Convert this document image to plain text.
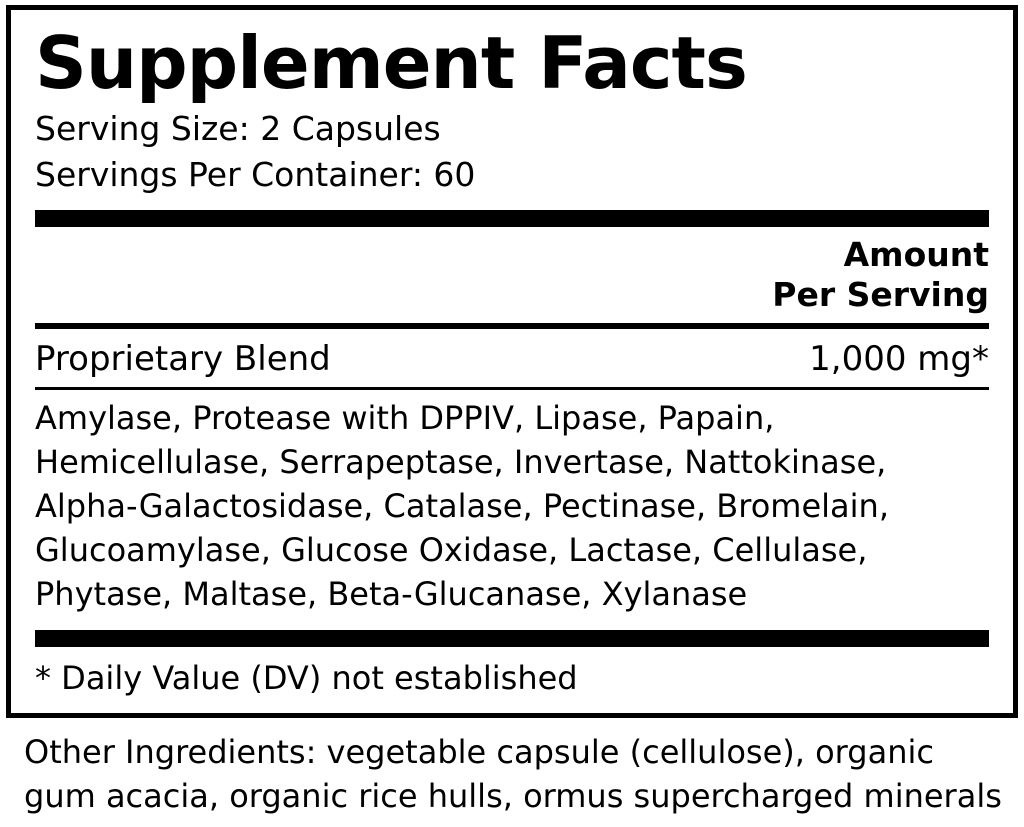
Supplement Facts
Serving Size: 2 Capsules
Servings Per Container: 60
Amount
Per Serving
Proprietary Blend	1,000 mg*
Amylase, Protease with DPPIV, Lipase, Papain, Hemicellulase, Serrapeptase, Invertase, Nattokinase, Alpha-Galactosidase, Catalase, Pectinase, Bromelain, Glucoamylase, Glucose Oxidase, Lactase, Cellulase, Phytase, Maltase, Beta-Glucanase, Xylanase
* Daily Value (DV) not established
Other Ingredients: vegetable capsule (cellulose), organic gum acacia, organic rice hulls, ormus supercharged minerals
